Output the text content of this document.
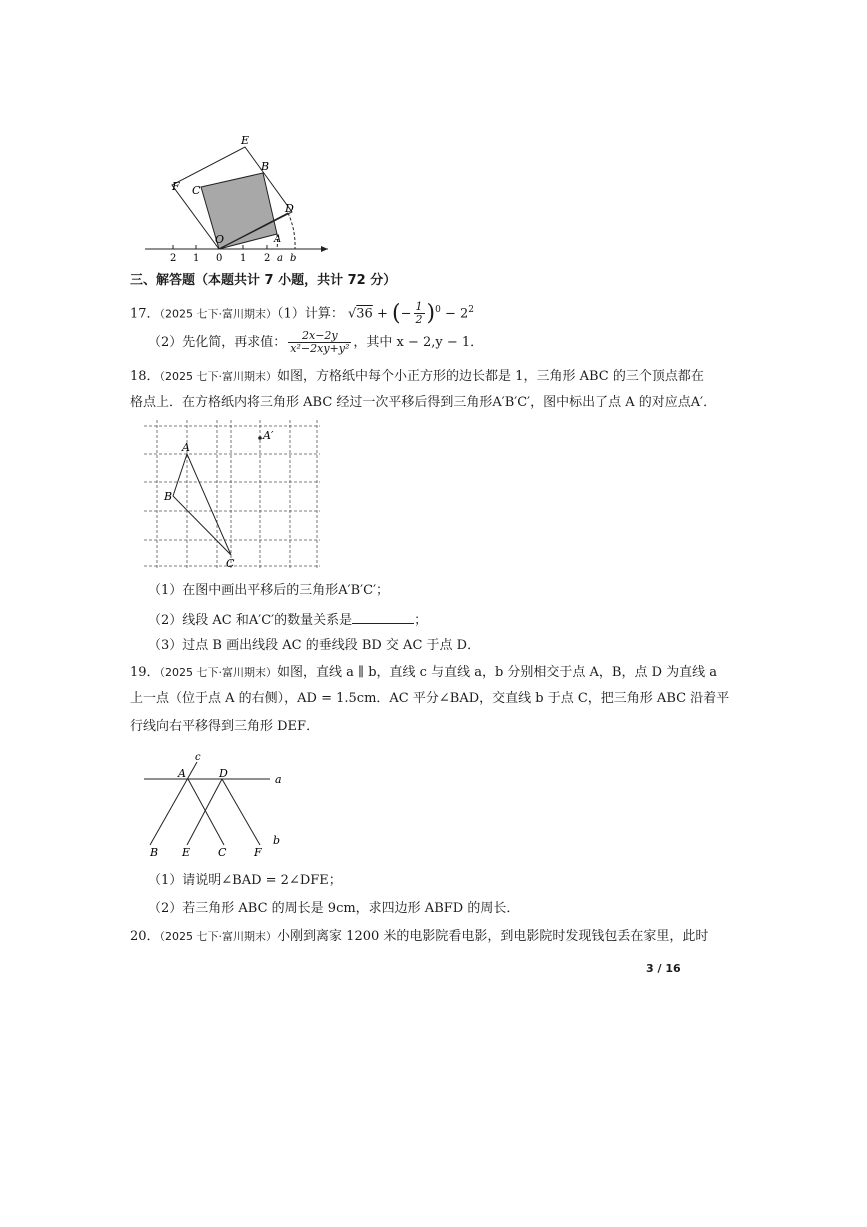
E
B
F C
D
O	A
2 1 0 1 2 a b
三、解答题（本题共计 7 小题，共计 72 分）
17．（2025 七下·富川期末）（1）计算： √36 + (− $\frac{1}{2} )^0 - 2^2$
（2）先化简，再求值： $\frac{2x-2y}{\text{x²−2xy+y²}}$ ，其中 x − 2,y − 1．
18．（2025 七下·富川期末）如图，方格纸中每个小正方形的边长都是 1，三角形 ABC 的三个顶点都在
格点上．在方格纸内将三角形 ABC 经过一次平移后得到三角形A′B′C′，图中标出了点 A 的对应点A′．
A
B
C
A′
（1）在图中画出平移后的三角形A′B′C′；
（2）线段 AC 和A′C′的数量关系是	；
（3）过点 B 画出线段 AC 的垂线段 BD 交 AC 于点 D．
19．（2025 七下·富川期末）如图，直线 a ∥ b，直线 c 与直线 a，b 分别相交于点 A，B，点 D 为直线 a
上一点（位于点 A 的右侧），AD = 1.5cm．AC 平分∠BAD，交直线 b 于点 C，把三角形 ABC 沿着平
行线向右平移得到三角形 DEF．
c
A	D	a
b
B E	C	F
（1）请说明∠BAD = 2∠DFE；
（2）若三角形 ABC 的周长是 9cm，求四边形 ABFD 的周长．
20．（2025 七下·富川期末）小刚到离家 1200 米的电影院看电影，到电影院时发现钱包丢在家里，此时
3 / 16
